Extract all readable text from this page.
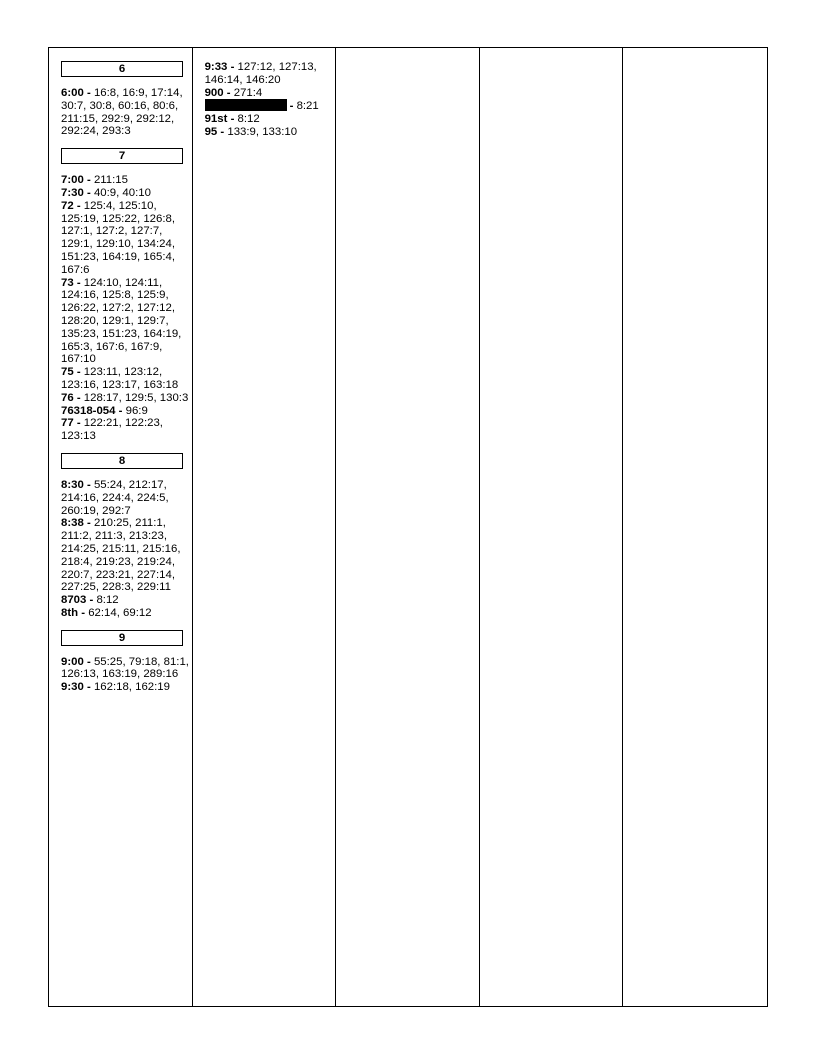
6
6:00 - 16:8, 16:9, 17:14, 30:7, 30:8, 60:16, 80:6, 211:15, 292:9, 292:12, 292:24, 293:3
7
7:00 - 211:15
7:30 - 40:9, 40:10
72 - 125:4, 125:10, 125:19, 125:22, 126:8, 127:1, 127:2, 127:7, 129:1, 129:10, 134:24, 151:23, 164:19, 165:4, 167:6
73 - 124:10, 124:11, 124:16, 125:8, 125:9, 126:22, 127:2, 127:12, 128:20, 129:1, 129:7, 135:23, 151:23, 164:19, 165:3, 167:6, 167:9, 167:10
75 - 123:11, 123:12, 123:16, 123:17, 163:18
76 - 128:17, 129:5, 130:3
76318-054 - 96:9
77 - 122:21, 122:23, 123:13
8
8:30 - 55:24, 212:17, 214:16, 224:4, 224:5, 260:19, 292:7
8:38 - 210:25, 211:1, 211:2, 211:3, 213:23, 214:25, 215:11, 215:16, 218:4, 219:23, 219:24, 220:7, 223:21, 227:14, 227:25, 228:3, 229:11
8703 - 8:12
8th - 62:14, 69:12
9
9:00 - 55:25, 79:18, 81:1, 126:13, 163:19, 289:16
9:30 - 162:18, 162:19
9:33 - 127:12, 127:13, 146:14, 146:20
900 - 271:4
- 8:21
91st - 8:12
95 - 133:9, 133:10
